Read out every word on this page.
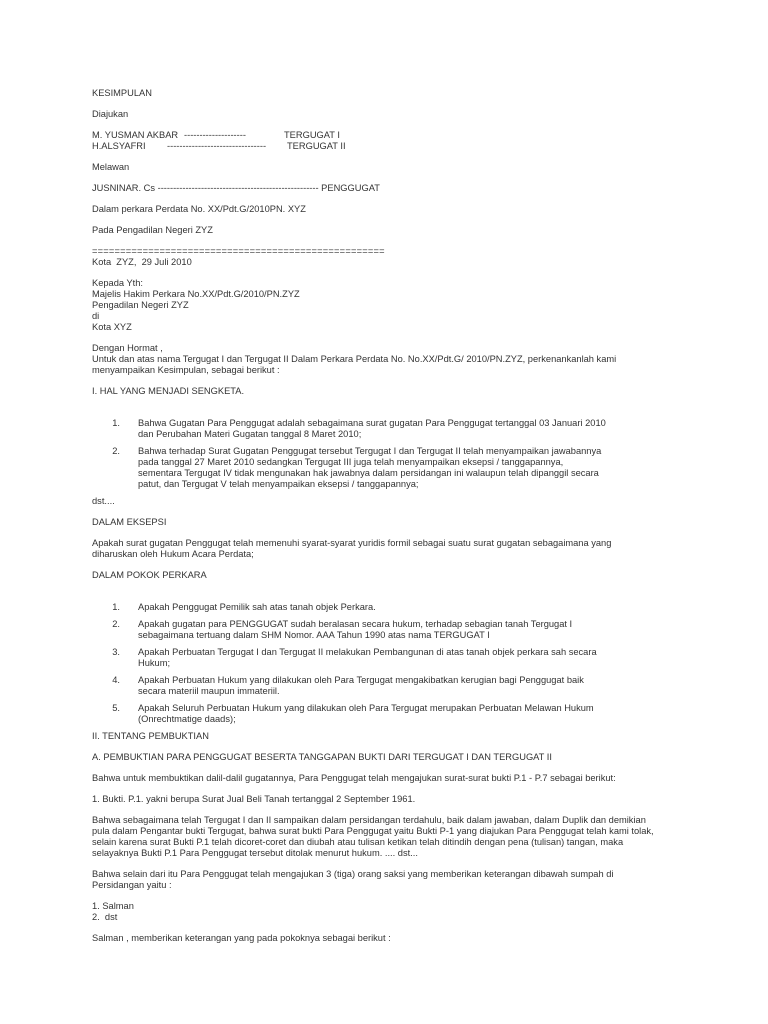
KESIMPULAN
Diajukan
M. YUSMAN AKBAR --------------------	TERGUGAT I
H.ALSYAFRI	--------------------------------	TERGUGAT II
Melawan
JUSNINAR. Cs ---------------------------------------------------- PENGGUGAT
Dalam perkara Perdata No. XX/Pdt.G/2010PN. XYZ
Pada Pengadilan Negeri ZYZ
====================================================
Kota  ZYZ,  29 Juli 2010
Kepada Yth:
Majelis Hakim Perkara No.XX/Pdt.G/2010/PN.ZYZ
Pengadilan Negeri ZYZ
di
Kota XYZ
Dengan Hormat ,
Untuk dan atas nama Tergugat I dan Tergugat II Dalam Perkara Perdata No. No.XX/Pdt.G/ 2010/PN.ZYZ, perkenankanlah kami menyampaikan Kesimpulan, sebagai berikut :
I. HAL YANG MENJADI SENGKETA.
1.	Bahwa Gugatan Para Penggugat adalah sebagaimana surat gugatan Para Penggugat tertanggal 03 Januari 2010 dan Perubahan Materi Gugatan tanggal 8 Maret 2010;
2.	Bahwa terhadap Surat Gugatan Penggugat tersebut Tergugat I dan Tergugat II telah menyampaikan jawabannya pada tanggal 27 Maret 2010 sedangkan Tergugat III juga telah menyampaikan eksepsi / tanggapannya, sementara Tergugat IV tidak mengunakan hak jawabnya dalam persidangan ini walaupun telah dipanggil secara patut, dan Tergugat V telah menyampaikan eksepsi / tanggapannya;
dst....
DALAM EKSEPSI
Apakah surat gugatan Penggugat telah memenuhi syarat-syarat yuridis formil sebagai suatu surat gugatan sebagaimana yang diharuskan oleh Hukum Acara Perdata;
DALAM POKOK PERKARA
1.	Apakah Penggugat Pemilik sah atas tanah objek Perkara.
2.	Apakah gugatan para PENGGUGAT sudah beralasan secara hukum, terhadap sebagian tanah Tergugat I sebagaimana tertuang dalam SHM Nomor. AAA Tahun 1990 atas nama TERGUGAT I
3.	Apakah Perbuatan Tergugat I dan Tergugat II melakukan Pembangunan di atas tanah objek perkara sah secara Hukum;
4.	Apakah Perbuatan Hukum yang dilakukan oleh Para Tergugat mengakibatkan kerugian bagi Penggugat baik secara materiil maupun immateriil.
5.	Apakah Seluruh Perbuatan Hukum yang dilakukan oleh Para Tergugat merupakan Perbuatan Melawan Hukum (Onrechtmatige daads);
II. TENTANG PEMBUKTIAN
A. PEMBUKTIAN PARA PENGGUGAT BESERTA TANGGAPAN BUKTI DARI TERGUGAT I DAN TERGUGAT II
Bahwa untuk membuktikan dalil-dalil gugatannya, Para Penggugat telah mengajukan surat-surat bukti P.1 - P.7 sebagai berikut:
1. Bukti. P.1. yakni berupa Surat Jual Beli Tanah tertanggal 2 September 1961.
Bahwa sebagaimana telah Tergugat I dan II sampaikan dalam persidangan terdahulu, baik dalam jawaban, dalam Duplik dan demikian pula dalam Pengantar bukti Tergugat, bahwa surat bukti Para Penggugat yaitu Bukti P-1 yang diajukan Para Penggugat telah kami tolak, selain karena surat Bukti P.1 telah dicoret-coret dan diubah atau tulisan ketikan telah ditindih dengan pena (tulisan) tangan, maka selayaknya Bukti P.1 Para Penggugat tersebut ditolak menurut hukum. .... dst...
Bahwa selain dari itu Para Penggugat telah mengajukan 3 (tiga) orang saksi yang memberikan keterangan dibawah sumpah di Persidangan yaitu :
1. Salman
2.  dst
Salman , memberikan keterangan yang pada pokoknya sebagai berikut :
